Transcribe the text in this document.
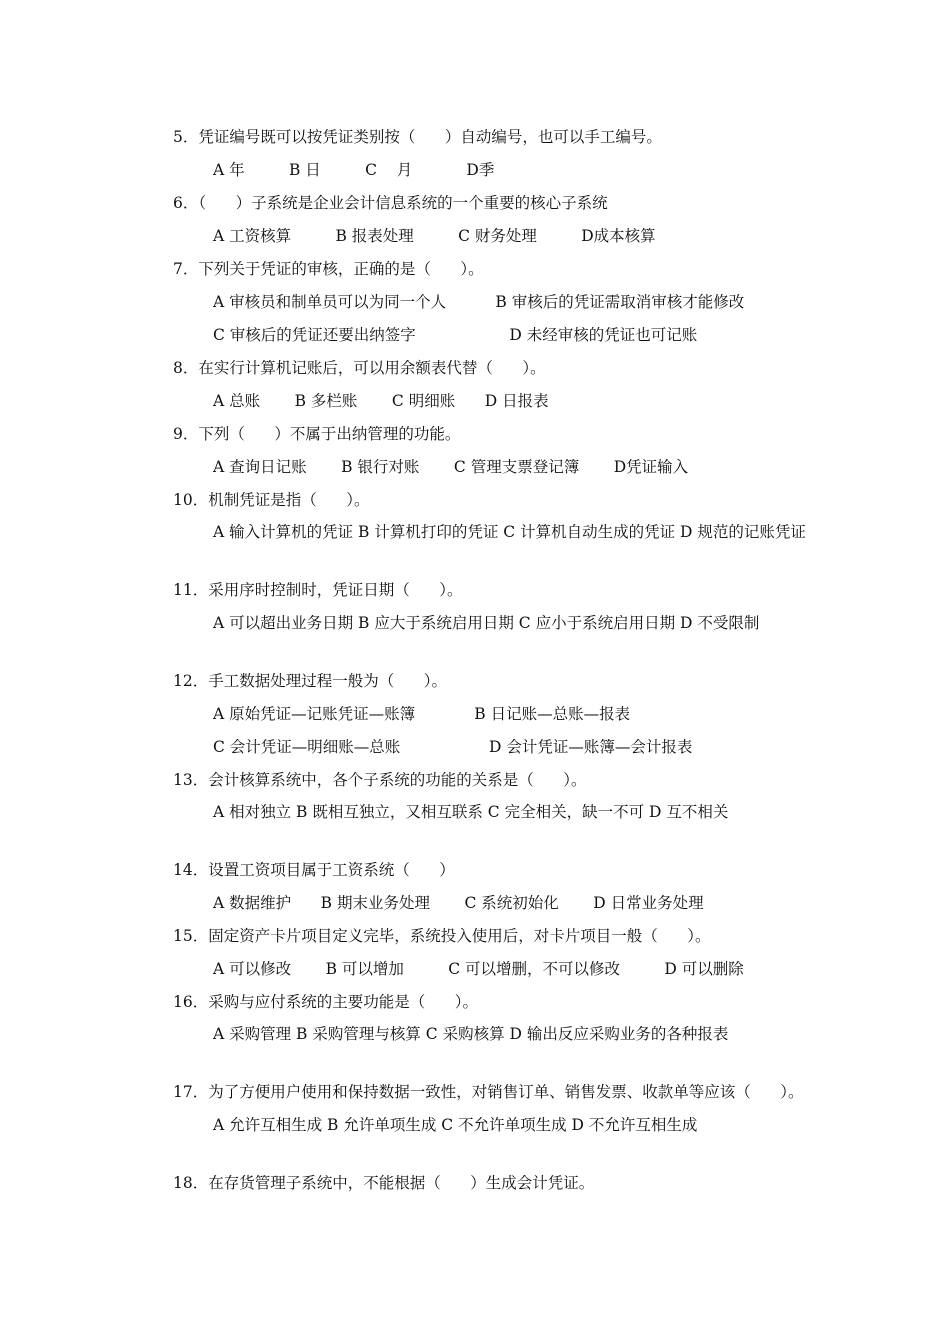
5．凭证编号既可以按凭证类别按（      ）自动编号，也可以手工编号。
A 年         B 日         C    月           D季
6．（      ）子系统是企业会计信息系统的一个重要的核心子系统
A 工资核算         B 报表处理         C 财务处理         D成本核算
7．下列关于凭证的审核，正确的是（      ）。
A 审核员和制单员可以为同一个人          B 审核后的凭证需取消审核才能修改
C 审核后的凭证还要出纳签字                   D 未经审核的凭证也可记账
8．在实行计算机记账后，可以用余额表代替（      ）。
A 总账       B 多栏账       C 明细账      D 日报表
9．下列（      ）不属于出纳管理的功能。
A 查询日记账       B 银行对账       C 管理支票登记簿       D凭证输入
10．机制凭证是指（      ）。
A 输入计算机的凭证 B 计算机打印的凭证 C 计算机自动生成的凭证 D 规范的记账凭证
11．采用序时控制时，凭证日期（      ）。
A 可以超出业务日期 B 应大于系统启用日期 C 应小于系统启用日期 D 不受限制
12．手工数据处理过程一般为（      ）。
A 原始凭证—记账凭证—账簿            B 日记账—总账—报表
C 会计凭证—明细账—总账                  D 会计凭证—账簿—会计报表
13．会计核算系统中，各个子系统的功能的关系是（      ）。
A 相对独立 B 既相互独立，又相互联系 C 完全相关，缺一不可 D 互不相关
14．设置工资项目属于工资系统（      ）
A 数据维护      B 期末业务处理       C 系统初始化       D 日常业务处理
15．固定资产卡片项目定义完毕，系统投入使用后，对卡片项目一般（      ）。
A 可以修改       B 可以增加         C 可以增删，不可以修改         D 可以删除
16．采购与应付系统的主要功能是（      ）。
A 采购管理 B 采购管理与核算 C 采购核算 D 输出反应采购业务的各种报表
17．为了方便用户使用和保持数据一致性，对销售订单、销售发票、收款单等应该（      ）。
A 允许互相生成 B 允许单项生成 C 不允许单项生成 D 不允许互相生成
18．在存货管理子系统中，不能根据（      ）生成会计凭证。
